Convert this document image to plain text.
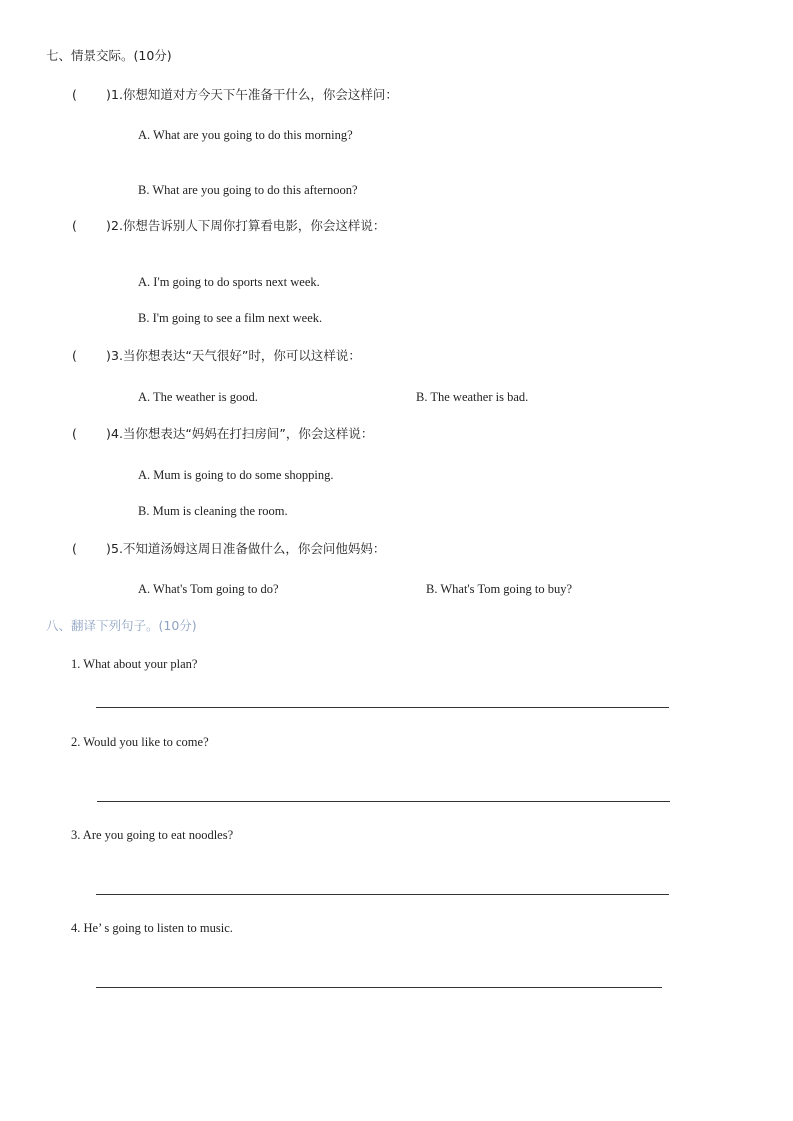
七、情景交际。(10分)
( ) 1.你想知道对方今天下午准备干什么，你会这样问：
A. What are you going to do this morning?
B. What are you going to do this afternoon?
( ) 2.你想告诉别人下周你打算看电影，你会这样说：
A. I'm going to do sports next week.
B. I'm going to see a film next week.
( ) 3.当你想表达“天气很好”时，你可以这样说：
A. The weather is good.	B. The weather is bad.
( ) 4.当你想表达“妈妈在打扫房间”，你会这样说：
A. Mum is going to do some shopping.
B. Mum is cleaning the room.
( ) 5.不知道汤姆这周日准备做什么，你会问他妈妈：
A. What's Tom going to do?	B. What's Tom going to buy?
八、翻译下列句子。(10分)
1. What about your plan?
2. Would you like to come?
3. Are you going to eat noodles?
4. He’ s going to listen to music.
